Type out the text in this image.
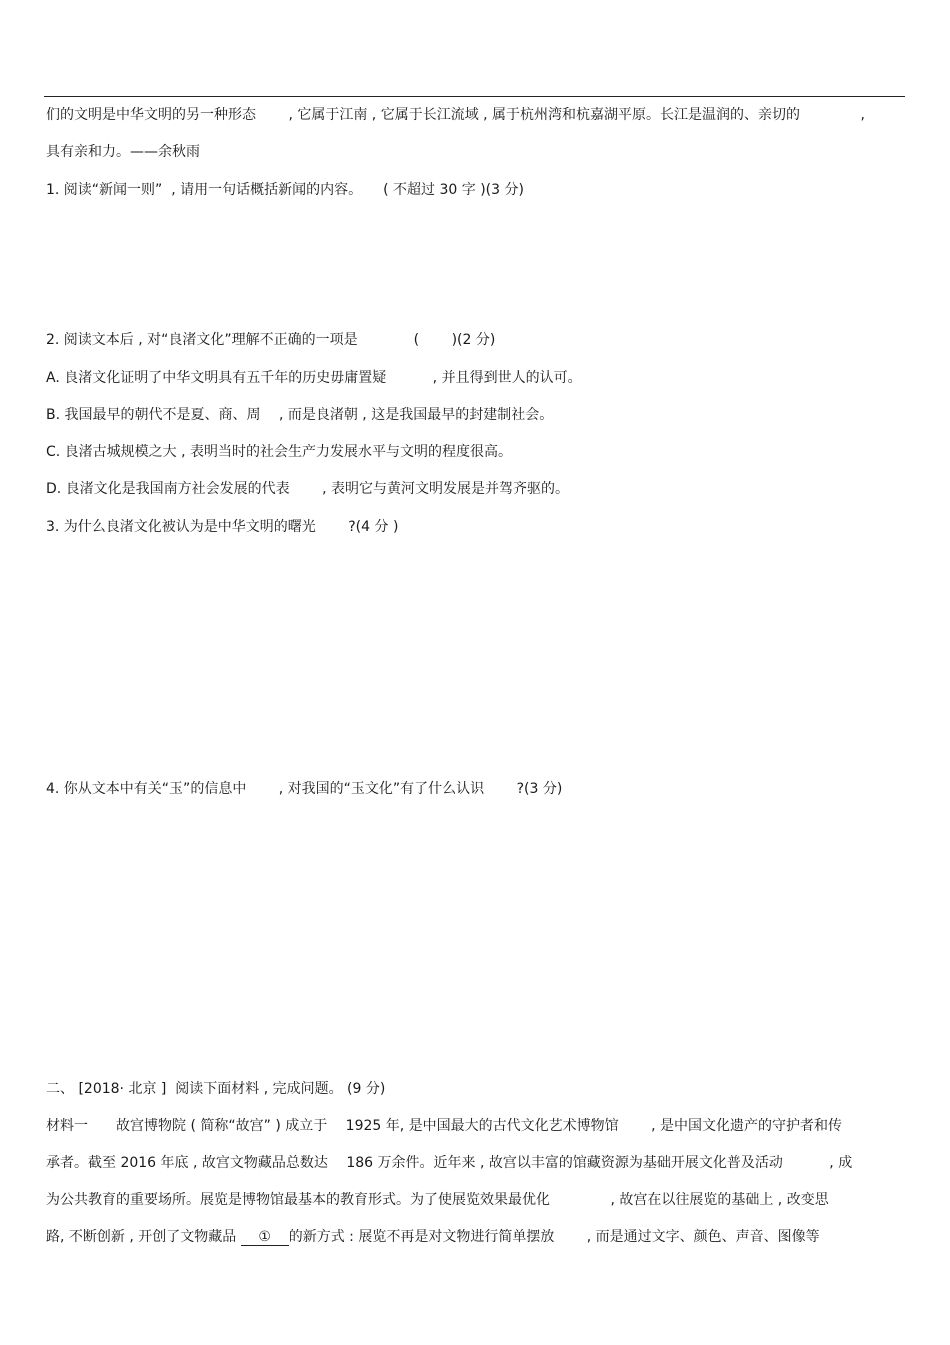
们的文明是中华文明的另一种形态　　 , 它属于江南 , 它属于长江流域 , 属于杭州湾和杭嘉湖平原。长江是温润的、亲切的　　　　 ,
具有亲和力。——余秋雨
1. 阅读“新闻一则”  , 请用一句话概括新闻的内容。　　( 不超过 30 字 )(3 分)
2. 阅读文本后 , 对“良渚文化”理解不正确的一项是　　　　(　　 )(2 分)
A. 良渚文化证明了中华文明具有五千年的历史毋庸置疑　　　 , 并且得到世人的认可。
B. 我国最早的朝代不是夏、商、周　 , 而是良渚朝 , 这是我国最早的封建制社会。
C. 良渚古城规模之大 , 表明当时的社会生产力发展水平与文明的程度很高。
D. 良渚文化是我国南方社会发展的代表　　 , 表明它与黄河文明发展是并驾齐驱的。
3. 为什么良渚文化被认为是中华文明的曙光　　 ?(4 分 )
4. 你从文本中有关“玉”的信息中　　 , 对我国的“玉文化”有了什么认识　　 ?(3 分)
二、 [2018· 北京 ]  阅读下面材料 , 完成问题。 (9 分)
材料一　　故宫博物院 ( 简称“故宫” ) 成立于　 1925 年, 是中国最大的古代文化艺术博物馆　　 , 是中国文化遗产的守护者和传
承者。截至 2016 年底 , 故宫文物藏品总数达　 186 万余件。近年来 , 故宫以丰富的馆藏资源为基础开展文化普及活动　　　 , 成
为公共教育的重要场所。展览是博物馆最基本的教育形式。为了使展览效果最优化　　　　 , 故宫在以往展览的基础上 , 改变思
路, 不断创新 , 开创了文物藏品 ① 的新方式 : 展览不再是对文物进行简单摆放　　 , 而是通过文字、颜色、声音、图像等
